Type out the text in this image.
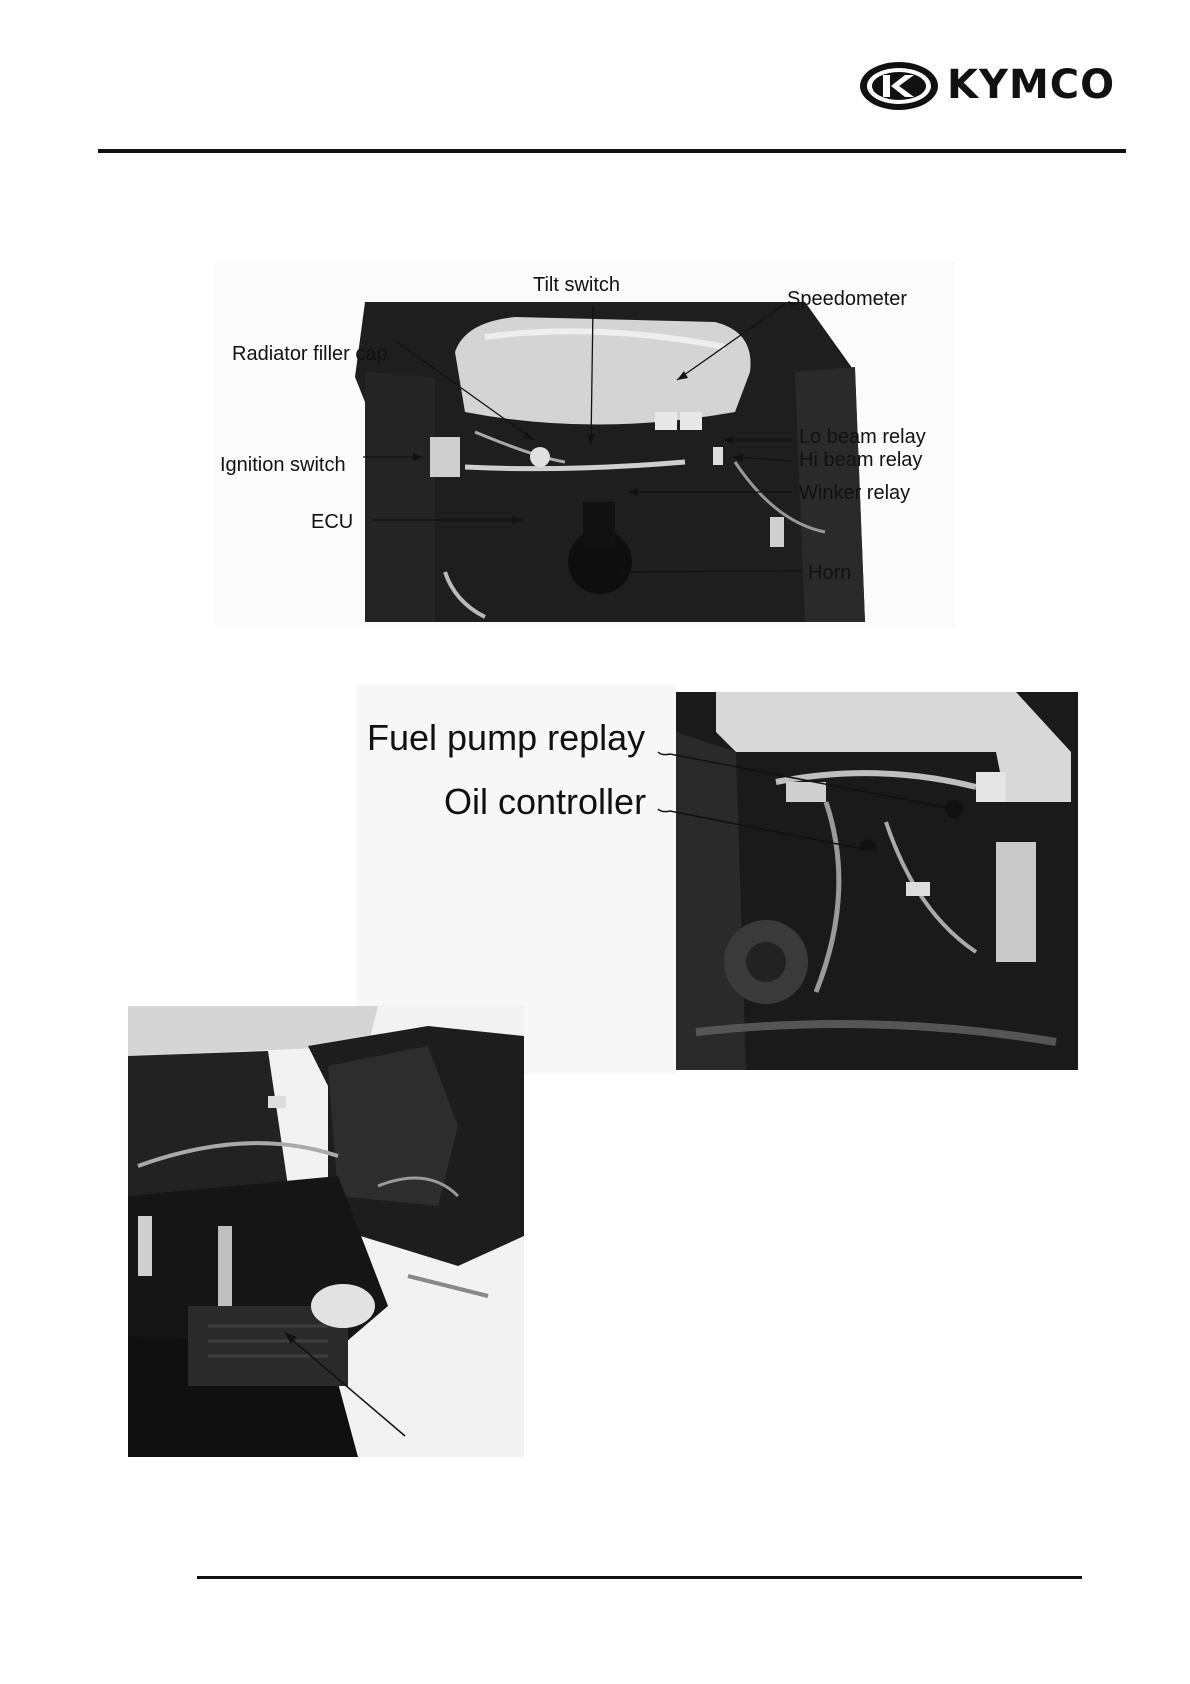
KYMCO
Tilt switch
Speedometer
Radiator filler cap
Lo beam relay
Hi beam relay
Ignition switch
Winker relay
ECU
Horn
Fuel pump replay
Oil controller
